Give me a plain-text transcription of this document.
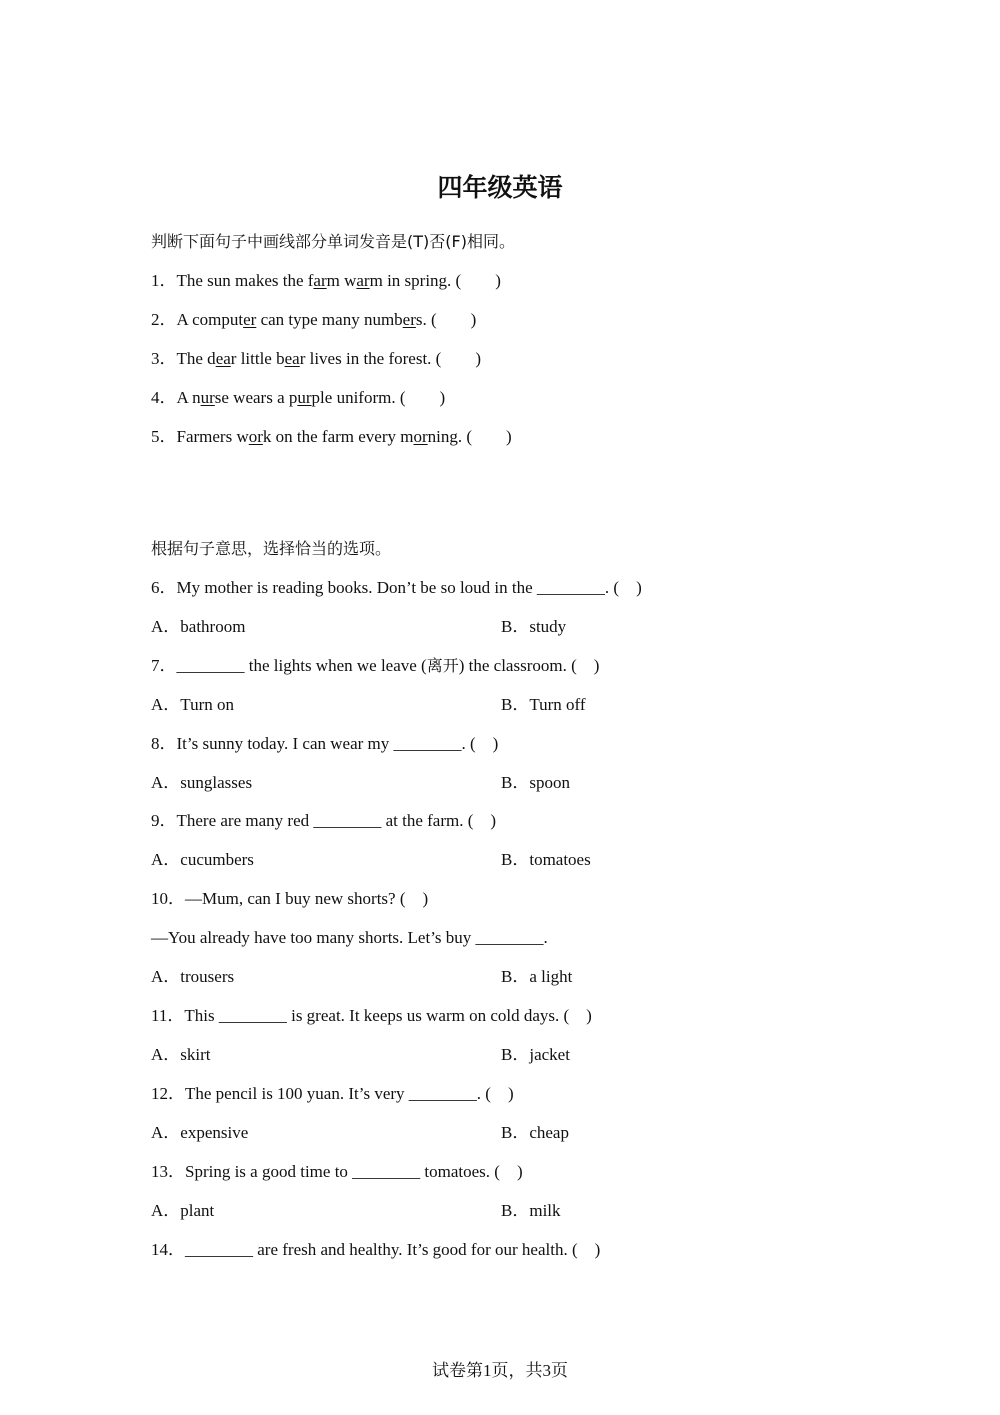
四年级英语
判断下面句子中画线部分单词发音是(T)否(F)相同。
1．The sun makes the farm warm in spring. (　　)
2．A computer can type many numbers. (　　)
3．The dear little bear lives in the forest. (　　)
4．A nurse wears a purple uniform. (　　)
5．Farmers work on the farm every morning. (　　)
根据句子意思，选择恰当的选项。
6．My mother is reading books. Don’t be so loud in the ________. (　)
A．bathroom	B．study
7．________ the lights when we leave (离开) the classroom. (　)
A．Turn on	B．Turn off
8．It’s sunny today. I can wear my ________. (　)
A．sunglasses	B．spoon
9．There are many red ________ at the farm. (　)
A．cucumbers	B．tomatoes
10．—Mum, can I buy new shorts? (　)
—You already have too many shorts. Let’s buy ________.
A．trousers	B．a light
11．This ________ is great. It keeps us warm on cold days. (　)
A．skirt	B．jacket
12．The pencil is 100 yuan. It’s very ________. (　)
A．expensive	B．cheap
13．Spring is a good time to ________ tomatoes. (　)
A．plant	B．milk
14．________ are fresh and healthy. It’s good for our health. (　)
试卷第1页，共3页
